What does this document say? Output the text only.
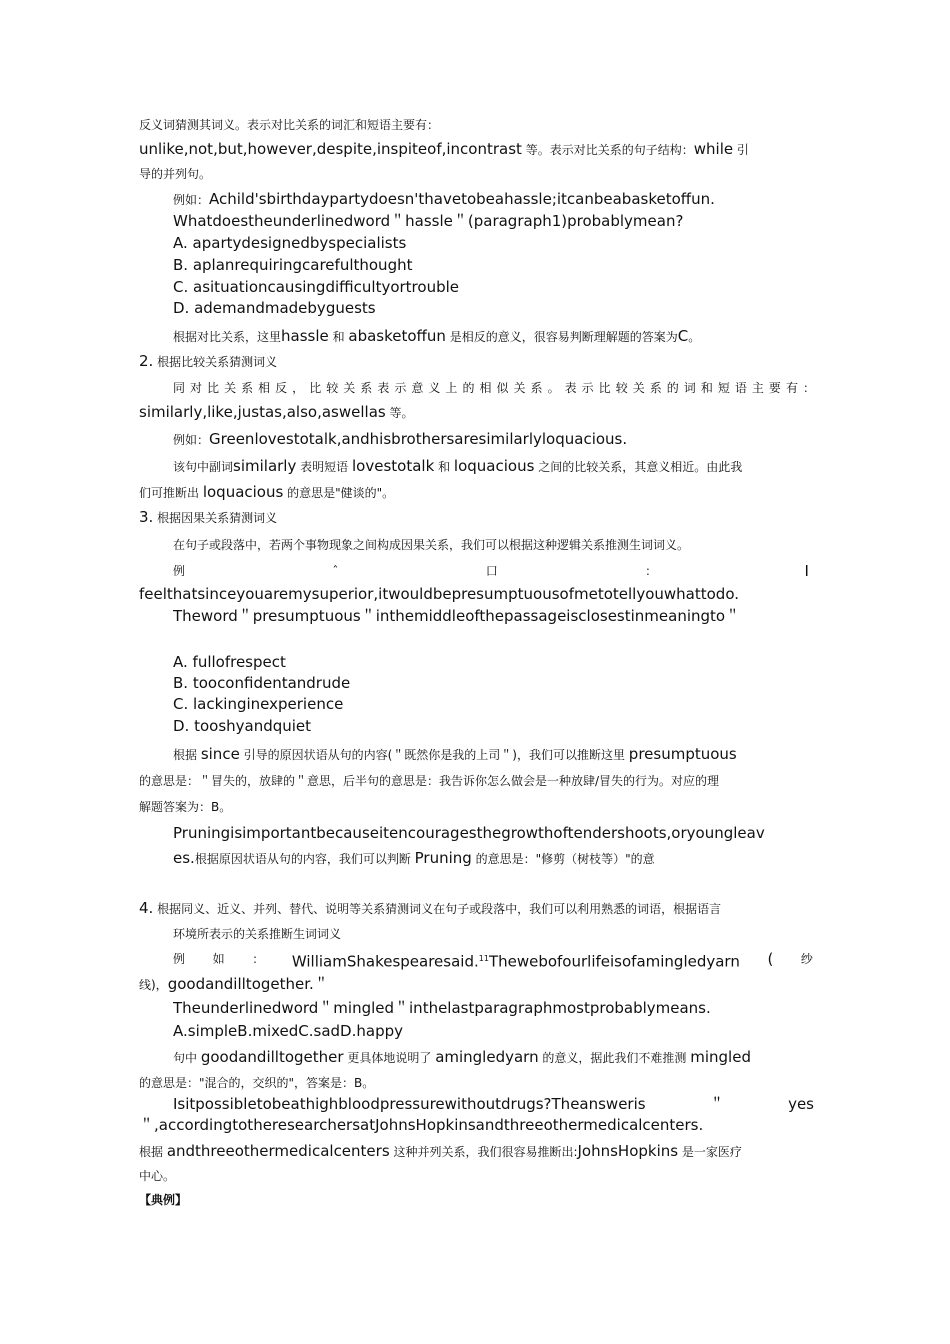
反义词猜测其词义。表示对比关系的词汇和短语主要有：
unlike,not,but,however,despite,inspiteof,incontrast 等。表示对比关系的句子结构：while 引
导的并列句。
例如：Achild'sbirthdaypartydoesn'thavetobeahassle;itcanbeabasketoffun.
Whatdoestheunderlinedword＂hassle＂(paragraph1)probablymean?
A. apartydesignedbyspecialists
B. aplanrequiringcarefulthought
C. asituationcausingdifficultyortrouble
D. ademandmadebyguests
根据对比关系，这里hassle 和 abasketoffun 是相反的意义，很容易判断理解题的答案为C。
2. 根据比较关系猜测词义
同对比关系相反，比较关系表示意义上的相似关系。表示比较关系的词和短语主要有：
similarly,like,justas,also,aswellas 等。
例如：Greenlovestotalk,andhisbrothersaresimilarlyloquacious.
该句中副词similarly 表明短语 lovestotalk 和 loquacious 之间的比较关系，其意义相近。由此我
们可推断出 loquacious 的意思是"健谈的"。
3. 根据因果关系猜测词义
在句子或段落中，若两个事物现象之间构成因果关系，我们可以根据这种逻辑关系推测生词词义。
例	ˆ	口	：	I
feelthatsinceyouaremysuperior,itwouldbepresumptuousofmetotellyouwhattodo.
Theword＂presumptuous＂inthemiddleofthepassageisclosestinmeaningto＂
A. fullofrespect
B. tooconfidentandrude
C. lackinginexperience
D. tooshyandquiet
根据 since 引导的原因状语从句的内容(＂既然你是我的上司＂)，我们可以推断这里 presumptuous
的意思是：＂冒失的，放肆的＂意思，后半句的意思是：我告诉你怎么做会是一种放肆/冒失的行为。对应的理
解题答案为：B。
Pruningisimportantbecauseitencouragesthegrowthoftendershoots,oryoungleav
es.根据原因状语从句的内容，我们可以判断 Pruning 的意思是："修剪（树枝等）"的意
4. 根据同义、近义、并列、替代、说明等关系猜测词义在句子或段落中，我们可以利用熟悉的词语，根据语言
环境所表示的关系推断生词词义
例 如 ： WilliamShakespearesaid.$^{11}$Thewebofourlifeisofamingledyarn ( 纱
线)，goodandilltogether.＂
Theunderlinedword＂mingled＂inthelastparagraphmostprobablymeans.
A.simpleB.mixedC.sadD.happy
句中 goodandilltogether 更具体地说明了 amingledyarn 的意义，据此我们不难推测 mingled
的意思是："混合的，交织的"，答案是：B。
Isitpossibletobeathighbloodpressurewithoutdrugs?Theansweris	＂	yes
＂,accordingtotheresearchersatJohnsHopkinsandthreeothermedicalcenters.
根据 andthreeothermedicalcenters 这种并列关系，我们很容易推断出:JohnsHopkins 是一家医疗
中心。
【典例】
